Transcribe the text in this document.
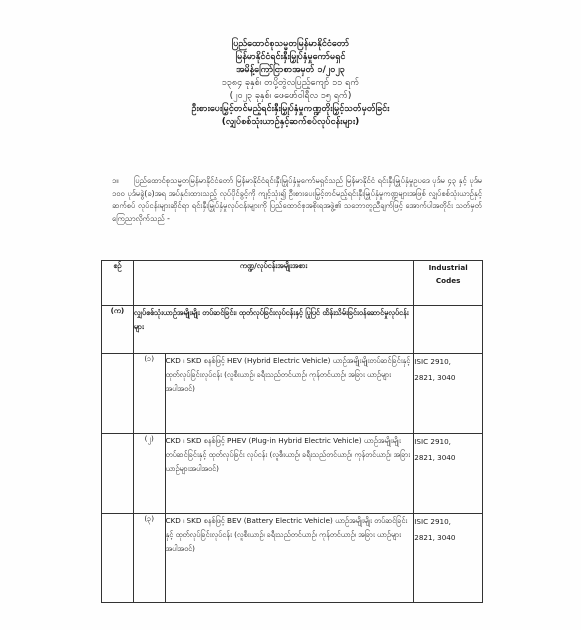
ပြည်ထောင်စုသမ္မတမြန်မာနိုင်ငံတော်
မြန်မာနိုင်ငံရင်းနှီးမြှုပ်နှံမှုကော်မရှင်
အမိန့်ကြော်ငြာစာအမှတ် ၁/၂၀၂၃
၁၃၈၄ ခုနှစ်၊ တပို့တွဲလပြည့်ကျော် ၁၁ ရက်
(၂၀၂၃ ခုနှစ်၊ ဖေဖော်ဝါရီလ ၁၅ ရက်)
ဦးစားပေးမြှင့်တင်မည့်ရင်းနှီးမြှုပ်နှံမှုကဏ္ဍတိုးမြှင့်သတ်မှတ်ခြင်း
(လျှပ်စစ်သုံးယာဉ်နှင့်ဆက်စပ်လုပ်ငန်းများ)
၁။ ပြည်ထောင်စုသမ္မတမြန်မာနိုင်ငံတော် မြန်မာနိုင်ငံရင်းနှီးမြှုပ်နှံမှုကော်မရှင်သည် မြန်မာနိုင်ငံ ရင်းနှီးမြှုပ်နှံမှုဥပဒေ ပုဒ်မ ၄၃ နှင့် ပုဒ်မ ၁၀၀ ပုဒ်မခွဲ(ခ)အရ အပ်နှင်းထားသည့် လုပ်ပိုင်ခွင့်ကို ကျင့်သုံး၍ ဦးစားပေးမြှင့်တင်မည့်ရင်းနှီးမြှုပ်နှံမှုကဏ္ဍများအဖြစ် လျှပ်စစ်သုံးယာဉ်နှင့် ဆက်စပ် လုပ်ငန်းများဆိုင်ရာ ရင်းနှီးမြှုပ်နှံမှုလုပ်ငန်းများကို ပြည်ထောင်စုအစိုးရအဖွဲ့၏ သဘောတူညီချက်ဖြင့် အောက်ပါအတိုင်း သတ်မှတ်ကြေညာလိုက်သည် -
စဉ်	ကဏ္ဍ/လုပ်ငန်းအမျိုးအစား		Industrial
Codes
(က)	လျှပ်စစ်သုံးယာဉ်အမျိုးမျိုး တပ်ဆင်ခြင်း၊ ထုတ်လုပ်ခြင်းလုပ်ငန်းနှင့် ပြုပြင် ထိန်းသိမ်းခြင်းဝန်ဆောင်မှုလုပ်ငန်းများ		
	(၁)	CKD ၊ SKD စနစ်ဖြင့် HEV (Hybrid Electric Vehicle) ယာဉ်အမျိုးမျိုးတပ်ဆင်ခြင်းနှင့် ထုတ်လုပ်ခြင်းလုပ်ငန်း (လူစီးယာဉ်၊ ခရီးသည်တင်ယာဉ်၊ ကုန်တင်ယာဉ်၊ အခြား ယာဉ်များအပါအဝင်)	ISIC 2910,
2821, 3040
	(၂)	CKD ၊ SKD စနစ်ဖြင့် PHEV (Plug-in Hybrid Electric Vehicle) ယာဉ်အမျိုးမျိုး တပ်ဆင်ခြင်းနှင့် ထုတ်လုပ်ခြင်း လုပ်ငန်း (လူစီးယာဉ်၊ ခရီးသည်တင်ယာဉ်၊ ကုန်တင်ယာဉ်၊ အခြားယာဉ်များအပါအဝင်)	ISIC 2910,
2821, 3040
	(၃)	CKD ၊ SKD စနစ်ဖြင့် BEV (Battery Electric Vehicle) ယာဉ်အမျိုးမျိုး တပ်ဆင်ခြင်းနှင့် ထုတ်လုပ်ခြင်းလုပ်ငန်း (လူစီးယာဉ်၊ ခရီးသည်တင်ယာဉ်၊ ကုန်တင်ယာဉ်၊ အခြား ယာဉ်များ အပါအဝင်)	ISIC 2910,
2821, 3040
